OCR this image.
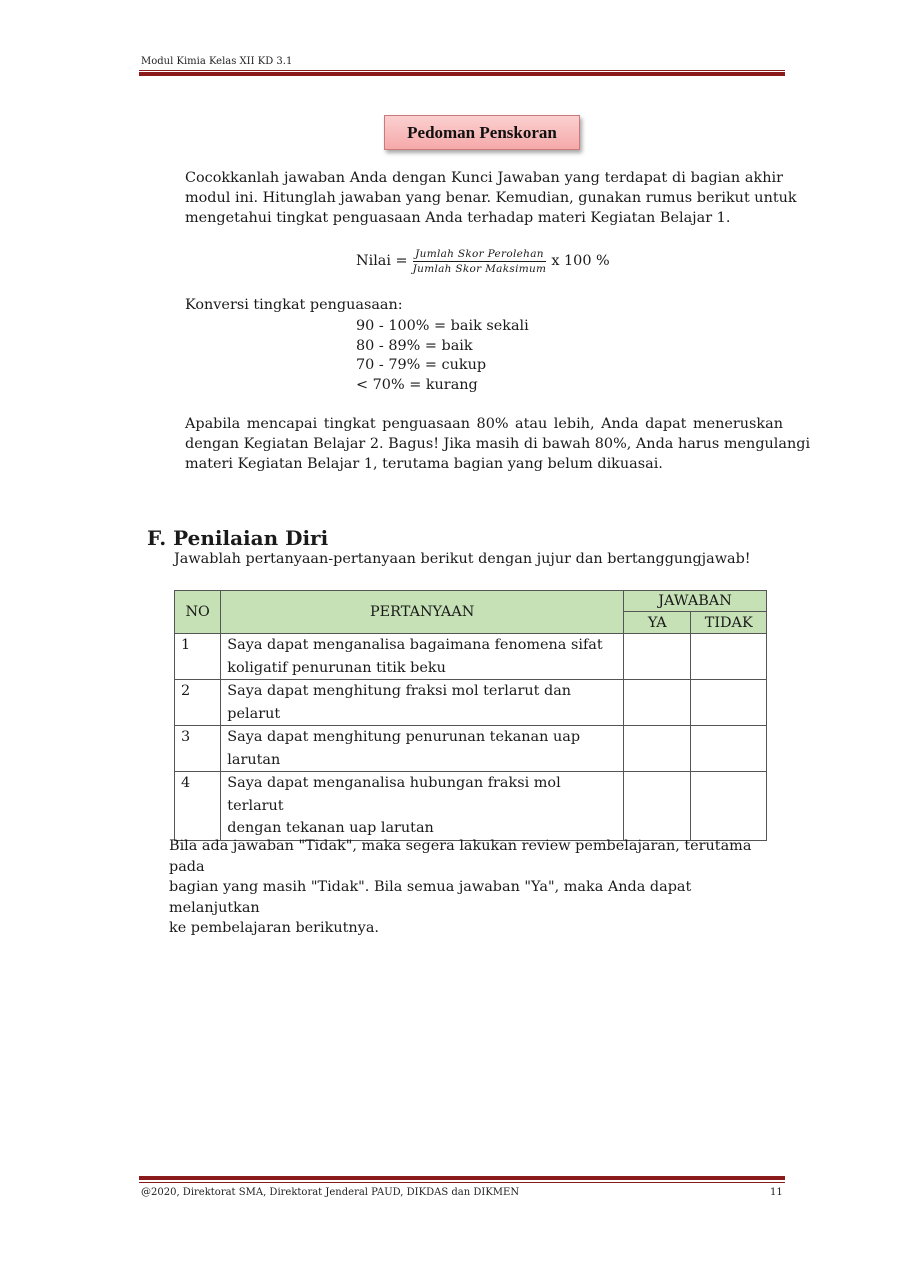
Modul Kimia Kelas XII KD 3.1
Pedoman Penskoran
Cocokkanlah jawaban Anda dengan Kunci Jawaban yang terdapat di bagian akhir
modul ini. Hitunglah jawaban yang benar. Kemudian, gunakan rumus berikut untuk
mengetahui tingkat penguasaan Anda terhadap materi Kegiatan Belajar 1.
Nilai = $\frac{\text{Jumlah Skor Perolehan}}{\text{Jumlah Skor Maksimum}}$ x 100 %
Konversi tingkat penguasaan:
90 - 100% = baik sekali
80 - 89% = baik
70 - 79% = cukup
< 70% = kurang
Apabila mencapai tingkat penguasaan 80% atau lebih, Anda dapat meneruskan
dengan Kegiatan Belajar 2. Bagus! Jika masih di bawah 80%, Anda harus mengulangi
materi Kegiatan Belajar 1, terutama bagian yang belum dikuasai.
F. Penilaian Diri
Jawablah pertanyaan-pertanyaan berikut dengan jujur dan bertanggungjawab!
NO	PERTANYAAN	JAWABAN	
		YA	TIDAK
1	Saya dapat menganalisa bagaimana fenomena sifat
koligatif penurunan titik beku		

2	Saya dapat menghitung fraksi mol terlarut dan
pelarut		

3	Saya dapat menghitung penurunan tekanan uap
larutan		

4	Saya dapat menganalisa hubungan fraksi mol terlarut
dengan tekanan uap larutan		

Bila ada jawaban "Tidak", maka segera lakukan review pembelajaran, terutama pada
bagian yang masih "Tidak". Bila semua jawaban "Ya", maka Anda dapat melanjutkan
ke pembelajaran berikutnya.
@2020, Direktorat SMA, Direktorat Jenderal PAUD, DIKDAS dan DIKMEN	11
